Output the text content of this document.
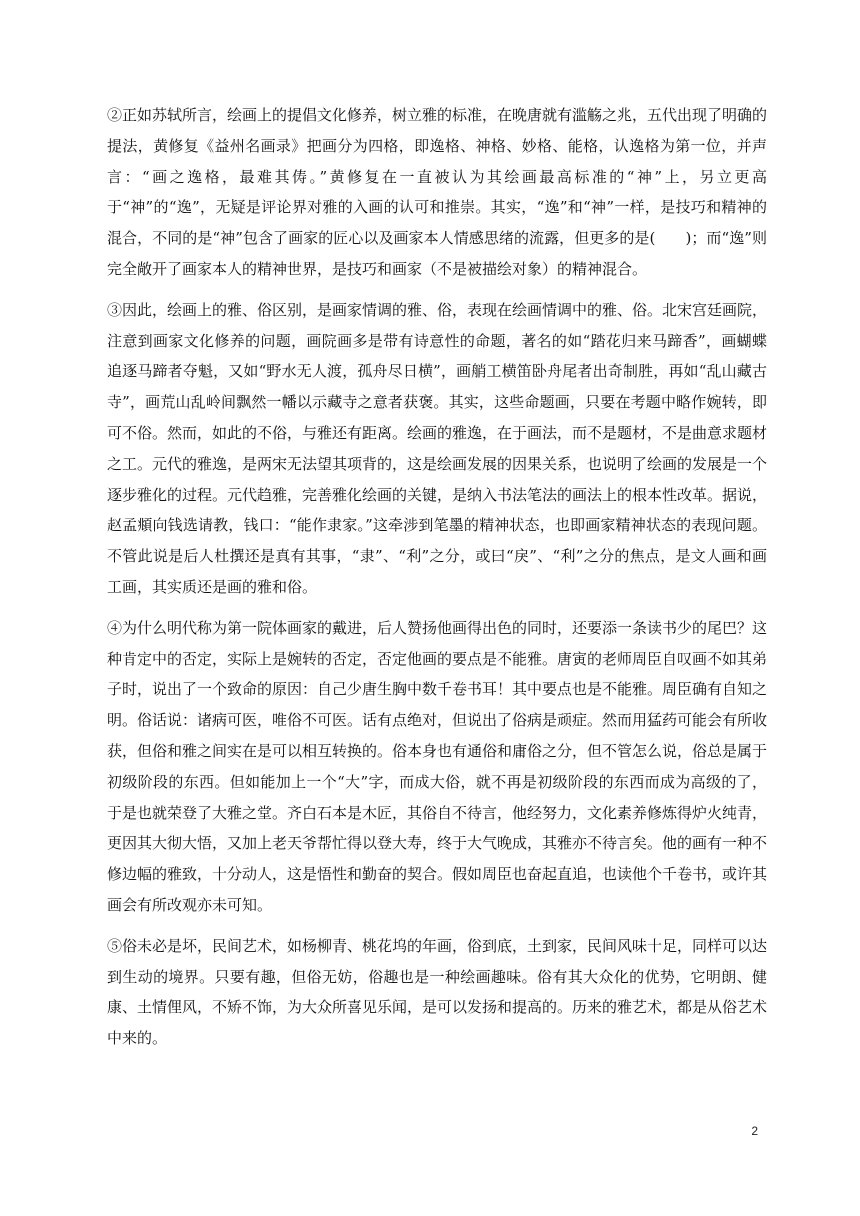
②正如苏轼所言，绘画上的提倡文化修养，树立雅的标准，在晚唐就有滥觞之兆，五代出现了明确的提法，黄修复《益州名画录》把画分为四格，即逸格、神格、妙格、能格，认逸格为第一位，并声言：“画之逸格，最难其俦。”黄修复在一直被认为其绘画最高标准的“神”上，另立更高于“神”的“逸”，无疑是评论界对雅的入画的认可和推崇。其实，“逸”和“神”一样，是技巧和精神的混合，不同的是“神”包含了画家的匠心以及画家本人情感思绪的流露，但更多的是(　　)；而“逸”则完全敞开了画家本人的精神世界，是技巧和画家（不是被描绘对象）的精神混合。

③因此，绘画上的雅、俗区别，是画家情调的雅、俗，表现在绘画情调中的雅、俗。北宋宫廷画院，注意到画家文化修养的问题，画院画多是带有诗意性的命题，著名的如“踏花归来马蹄香”，画蝴蝶追逐马蹄者夺魁，又如“野水无人渡，孤舟尽日横”，画艄工横笛卧舟尾者出奇制胜，再如“乱山藏古寺”，画荒山乱岭间飘然一幡以示藏寺之意者获褒。其实，这些命题画，只要在考题中略作婉转，即可不俗。然而，如此的不俗，与雅还有距离。绘画的雅逸，在于画法，而不是题材，不是曲意求题材之工。元代的雅逸，是两宋无法望其项背的，这是绘画发展的因果关系，也说明了绘画的发展是一个逐步雅化的过程。元代趋雅，完善雅化绘画的关键，是纳入书法笔法的画法上的根本性改革。据说，赵孟頫向钱选请教，钱口：“能作隶家。”这牵涉到笔墨的精神状态，也即画家精神状态的表现问题。不管此说是后人杜撰还是真有其事，“隶”、“利”之分，或曰“戾”、“利”之分的焦点，是文人画和画工画，其实质还是画的雅和俗。

④为什么明代称为第一院体画家的戴进，后人赞扬他画得出色的同时，还要添一条读书少的尾巴？这种肯定中的否定，实际上是婉转的否定，否定他画的要点是不能雅。唐寅的老师周臣自叹画不如其弟子时，说出了一个致命的原因：自己少唐生胸中数千卷书耳！其中要点也是不能雅。周臣确有自知之明。俗话说：诸病可医，唯俗不可医。话有点绝对，但说出了俗病是顽症。然而用猛药可能会有所收获，但俗和雅之间实在是可以相互转换的。俗本身也有通俗和庸俗之分，但不管怎么说，俗总是属于初级阶段的东西。但如能加上一个“大”字，而成大俗，就不再是初级阶段的东西而成为高级的了，于是也就荣登了大雅之堂。齐白石本是木匠，其俗自不待言，他经努力，文化素养修炼得炉火纯青，更因其大彻大悟，又加上老天爷帮忙得以登大寿，终于大气晚成，其雅亦不待言矣。他的画有一种不修边幅的雅致，十分动人，这是悟性和勤奋的契合。假如周臣也奋起直追，也读他个千卷书，或许其画会有所改观亦未可知。

⑤俗未必是坏，民间艺术，如杨柳青、桃花坞的年画，俗到底，土到家，民间风味十足，同样可以达到生动的境界。只要有趣，但俗无妨，俗趣也是一种绘画趣味。俗有其大众化的优势，它明朗、健康、土情俚风，不矫不饰，为大众所喜见乐闻，是可以发扬和提高的。历来的雅艺术，都是从俗艺术中来的。

2
